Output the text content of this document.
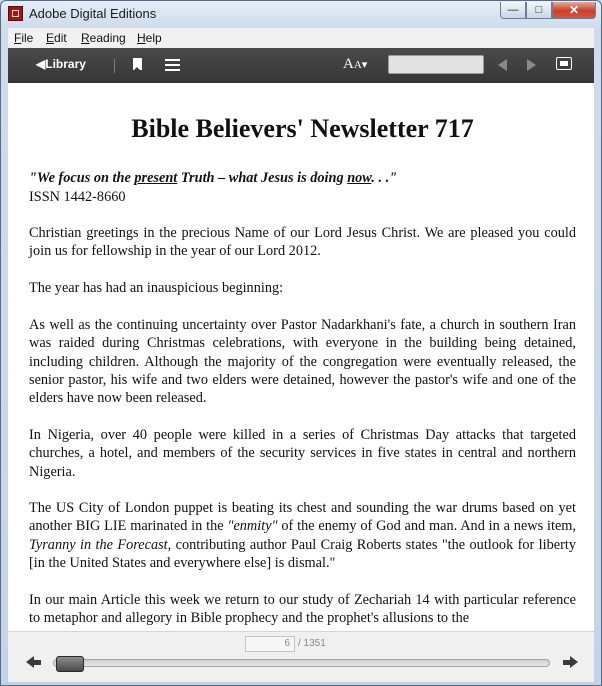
Adobe Digital Editions	— □ ✕
File Edit Reading Help
◀Library	AA▾
Bible Believers' Newsletter 717
"We focus on the present Truth – what Jesus is doing now. . ."
ISSN 1442-8660

Christian greetings in the precious Name of our Lord Jesus Christ. We are pleased you could join us for fellowship in the year of our Lord 2012.

The year has had an inauspicious beginning:

As well as the continuing uncertainty over Pastor Nadarkhani's fate, a church in southern Iran was raided during Christmas celebrations, with everyone in the building being detained, including children. Although the majority of the congregation were eventually released, the senior pastor, his wife and two elders were detained, however the pastor's wife and one of the elders have now been released.

In Nigeria, over 40 people were killed in a series of Christmas Day attacks that targeted churches, a hotel, and members of the security services in five states in central and northern Nigeria.

The US City of London puppet is beating its chest and sounding the war drums based on yet another BIG LIE marinated in the "enmity" of the enemy of God and man. And in a news item, Tyranny in the Forecast, contributing author Paul Craig Roberts states "the outlook for liberty [in the United States and everywhere else] is dismal."

In our main Article this week we return to our study of Zechariah 14 with particular reference to metaphor and allegory in Bible prophecy and the prophet's allusions to the

6 / 1351
